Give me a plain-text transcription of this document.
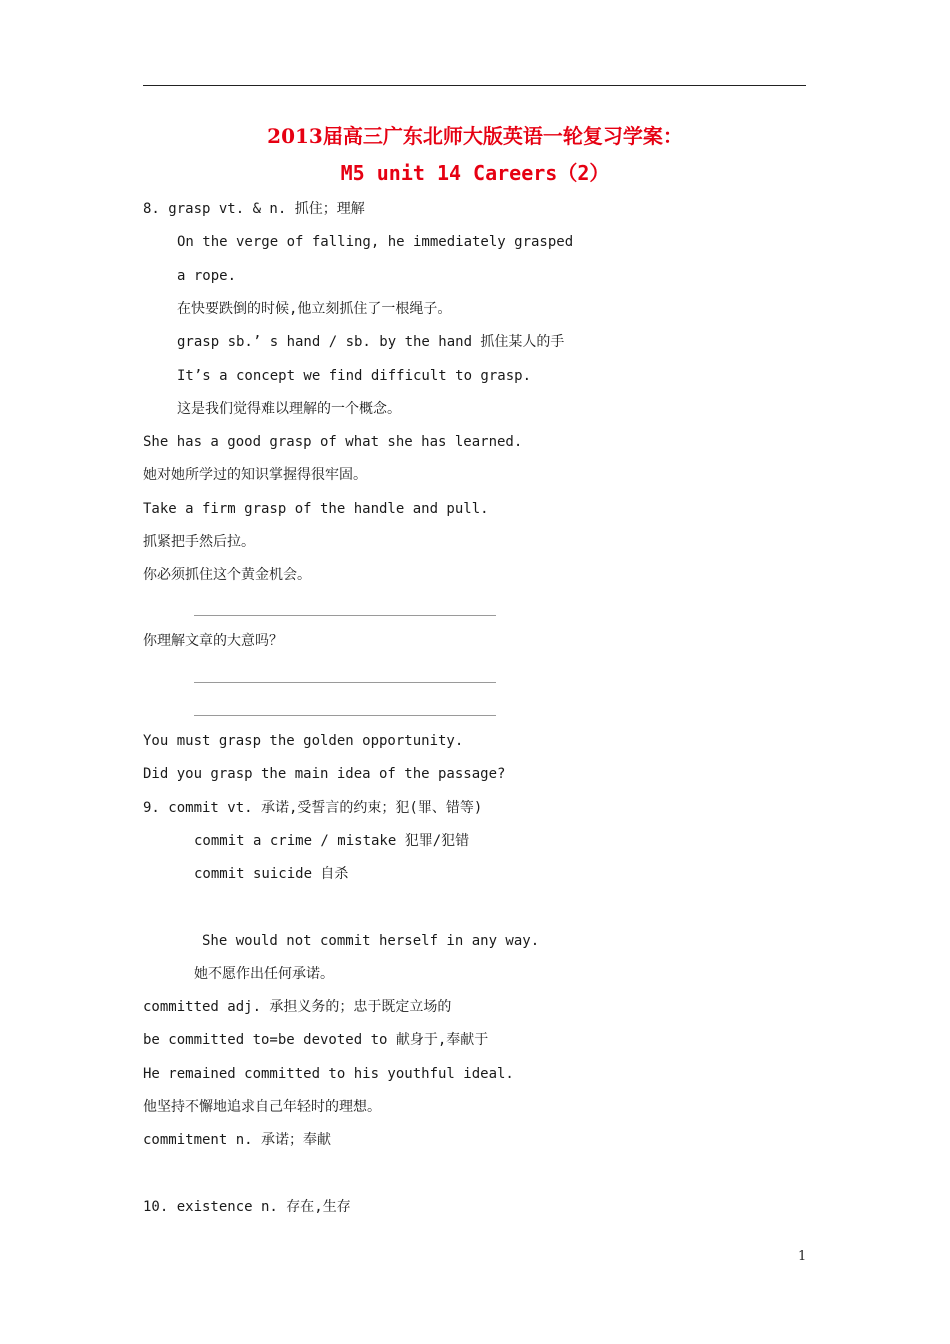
2013届高三广东北师大版英语一轮复习学案：
M5 unit 14 Careers（2）
8. grasp vt. & n. 抓住；理解
On the verge of falling, he immediately grasped
a rope.
在快要跌倒的时候,他立刻抓住了一根绳子。
grasp sb.’ s hand / sb. by the hand 抓住某人的手
It’s a concept we find difficult to grasp.
这是我们觉得难以理解的一个概念。
She has a good grasp of what she has learned.
她对她所学过的知识掌握得很牢固。
Take a firm grasp of the handle and pull.
抓紧把手然后拉。
你必须抓住这个黄金机会。
你理解文章的大意吗？
You must grasp the golden opportunity.
Did you grasp the main idea of the passage?
9. commit vt. 承诺,受誓言的约束；犯(罪、错等)
commit a crime / mistake 犯罪/犯错
commit suicide 自杀
She would not commit herself in any way.
她不愿作出任何承诺。
committed adj. 承担义务的；忠于既定立场的
be committed to=be devoted to 献身于,奉献于
He remained committed to his youthful ideal.
他坚持不懈地追求自己年轻时的理想。
commitment n. 承诺；奉献
10. existence n. 存在,生存
1
